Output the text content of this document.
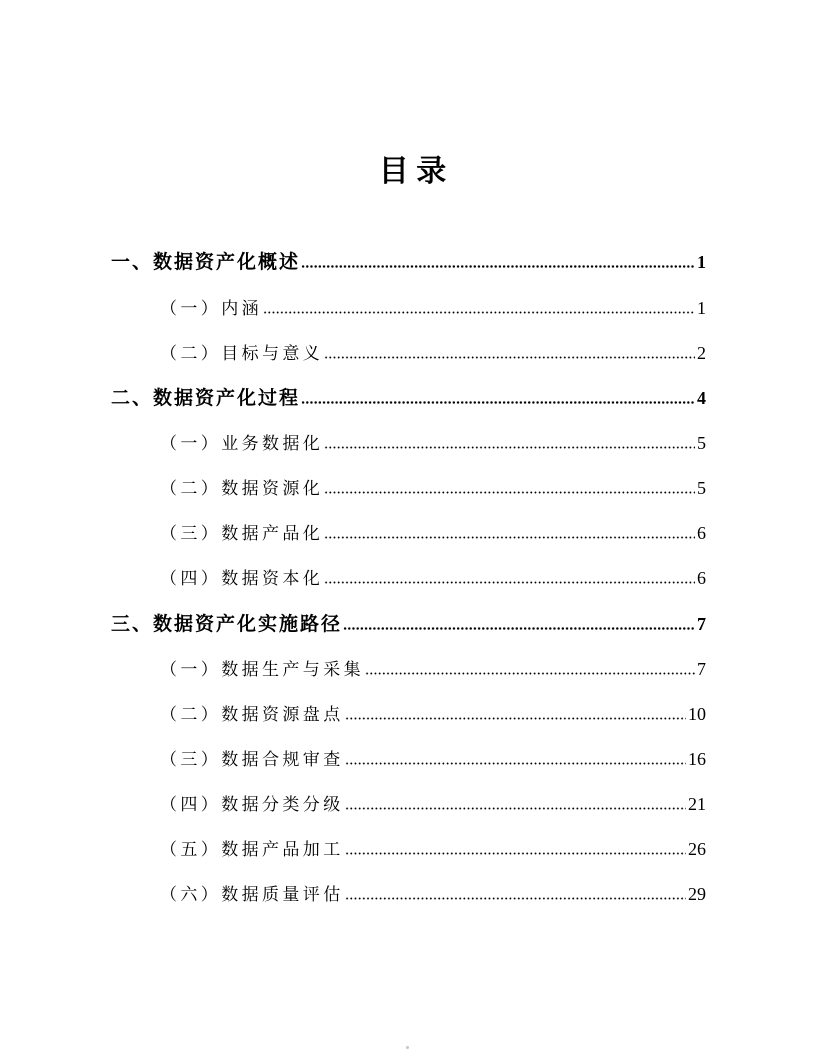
目 录
一、数据资产化概述	1
（一）内涵	1
（二）目标与意义	2
二、数据资产化过程	4
（一）业务数据化	5
（二）数据资源化	5
（三）数据产品化	6
（四）数据资本化	6
三、数据资产化实施路径	7
（一）数据生产与采集	7
（二）数据资源盘点	10
（三）数据合规审查	16
（四）数据分类分级	21
（五）数据产品加工	26
（六）数据质量评估	29
